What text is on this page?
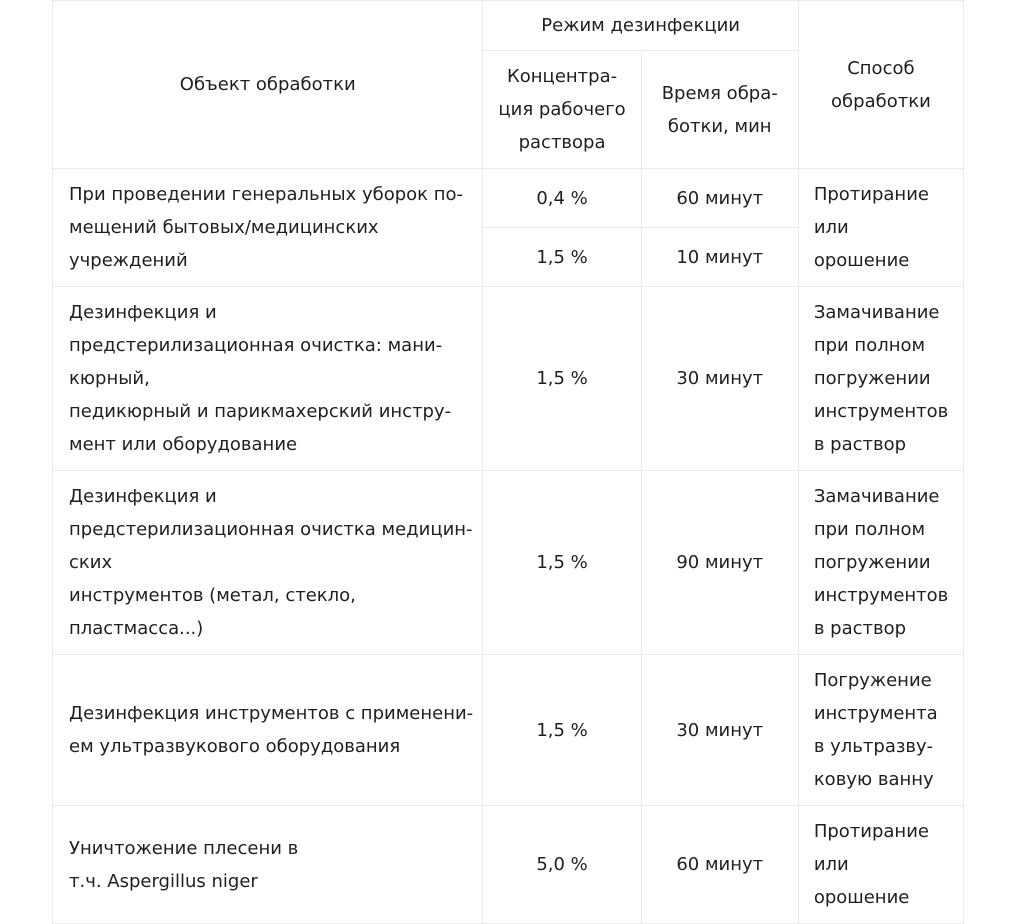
Объект обработки	Режим дезинфекции		Способ
обработки

	Концентра-
ция рабочего
раствора	Время обра-
ботки, мин	

При проведении генеральных уборок по-
мещений бытовых/медицинских
учреждений	0,4 %	60 минут	Протирание
или
орошение

	1,5 %	10 минут	

Дезинфекция и
предстерилизационная очистка: мани-
кюрный,
педикюрный и парикмахерский инстру-
мент или оборудование	1,5 %	30 минут	Замачивание
при полном
погружении
инструментов
в раствор

Дезинфекция и
предстерилизационная очистка медицин-
ских
инструментов (метал, стекло,
пластмасса...)	1,5 %	90 минут	Замачивание
при полном
погружении
инструментов
в раствор

Дезинфекция инструментов с применени-
ем ультразвукового оборудования	1,5 %	30 минут	Погружение
инструмента
в ультразву-
ковую ванну

Уничтожение плесени в
т.ч. Aspergillus niger	5,0 %	60 минут	Протирание
или
орошение
